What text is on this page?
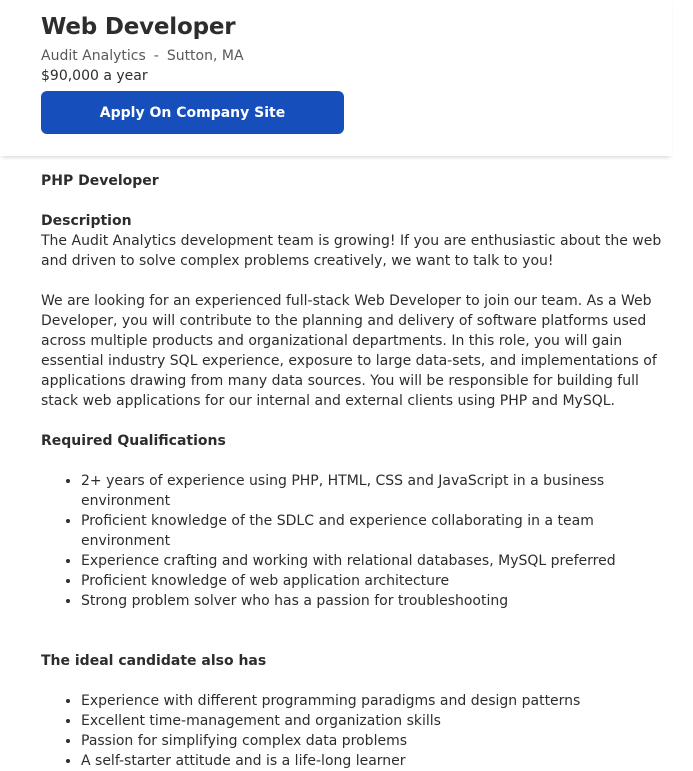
Web Developer
Audit Analytics - Sutton, MA
$90,000 a year
Apply On Company Site
PHP Developer
Description

The Audit Analytics development team is growing! If you are enthusiastic about the web and driven to solve complex problems creatively, we want to talk to you!

We are looking for an experienced full-stack Web Developer to join our team. As a Web Developer, you will contribute to the planning and delivery of software platforms used across multiple products and organizational departments. In this role, you will gain essential industry SQL experience, exposure to large data-sets, and implementations of applications drawing from many data sources. You will be responsible for building full stack web applications for our internal and external clients using PHP and MySQL.

Required Qualifications
• 2+ years of experience using PHP, HTML, CSS and JavaScript in a business environment
• Proficient knowledge of the SDLC and experience collaborating in a team environment
• Experience crafting and working with relational databases, MySQL preferred
• Proficient knowledge of web application architecture
• Strong problem solver who has a passion for troubleshooting
The ideal candidate also has
• Experience with different programming paradigms and design patterns
• Excellent time-management and organization skills
• Passion for simplifying complex data problems
• A self-starter attitude and is a life-long learner
